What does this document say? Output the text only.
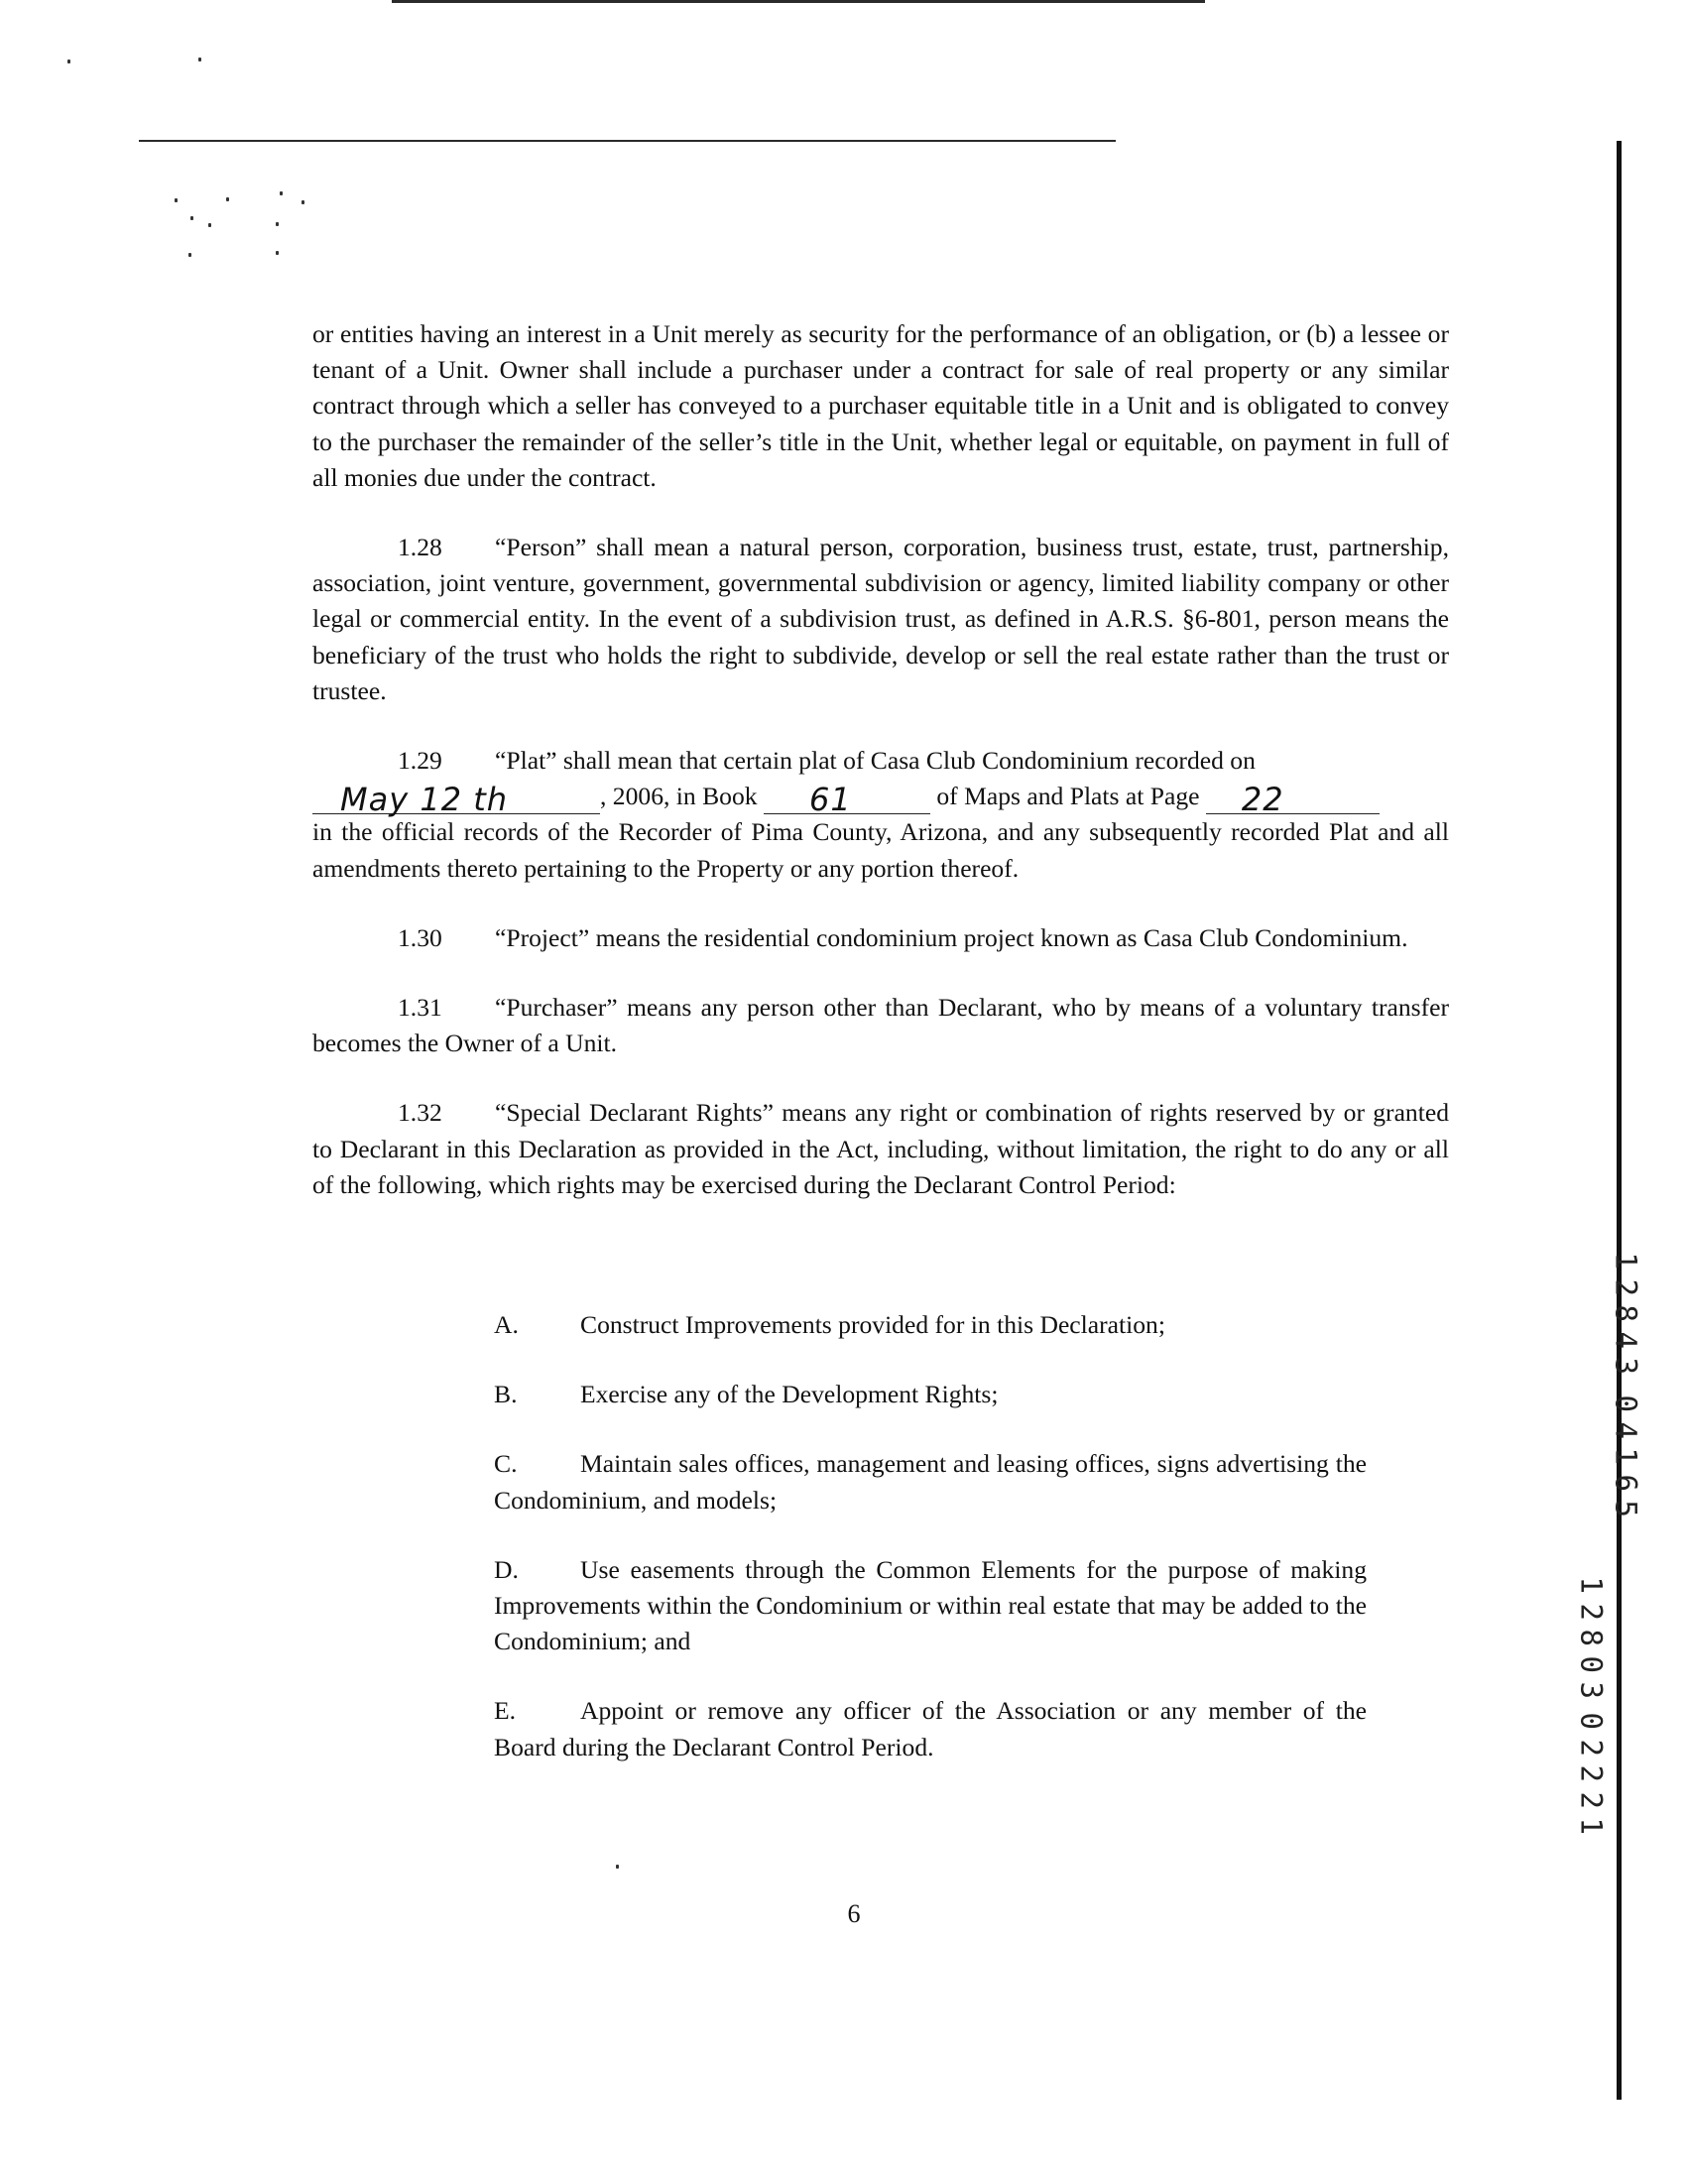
or entities having an interest in a Unit merely as security for the performance of an obligation, or (b) a lessee or tenant of a Unit. Owner shall include a purchaser under a contract for sale of real property or any similar contract through which a seller has conveyed to a purchaser equitable title in a Unit and is obligated to convey to the purchaser the remainder of the seller’s title in the Unit, whether legal or equitable, on payment in full of all monies due under the contract.

1.28 “Person” shall mean a natural person, corporation, business trust, estate, trust, partnership, association, joint venture, government, governmental subdivision or agency, limited liability company or other legal or commercial entity. In the event of a subdivision trust, as defined in A.R.S. §6-801, person means the beneficiary of the trust who holds the right to subdivide, develop or sell the real estate rather than the trust or trustee.

1.29 “Plat” shall mean that certain plat of Casa Club Condominium recorded on

May 12 th	, 2006, in Book 61	of Maps and Plats at Page 22

in the official records of the Recorder of Pima County, Arizona, and any subsequently recorded Plat and all amendments thereto pertaining to the Property or any portion thereof.

1.30 “Project” means the residential condominium project known as Casa Club Condominium.

1.31 “Purchaser” means any person other than Declarant, who by means of a voluntary transfer becomes the Owner of a Unit.

1.32 “Special Declarant Rights” means any right or combination of rights reserved by or granted to Declarant in this Declaration as provided in the Act, including, without limitation, the right to do any or all of the following, which rights may be exercised during the Declarant Control Period:

A. Construct Improvements provided for in this Declaration;
B. Exercise any of the Development Rights;
C. Maintain sales offices, management and leasing offices, signs advertising the Condominium, and models;
D. Use easements through the Common Elements for the purpose of making Improvements within the Condominium or within real estate that may be added to the Condominium; and
E.	Appoint or remove any officer of the Association or any member of the Board during the Declarant Control Period.
6
1
2
8
4
3
0
4
1
6
5
1
2
8
0
3
0
2
2
2
1
